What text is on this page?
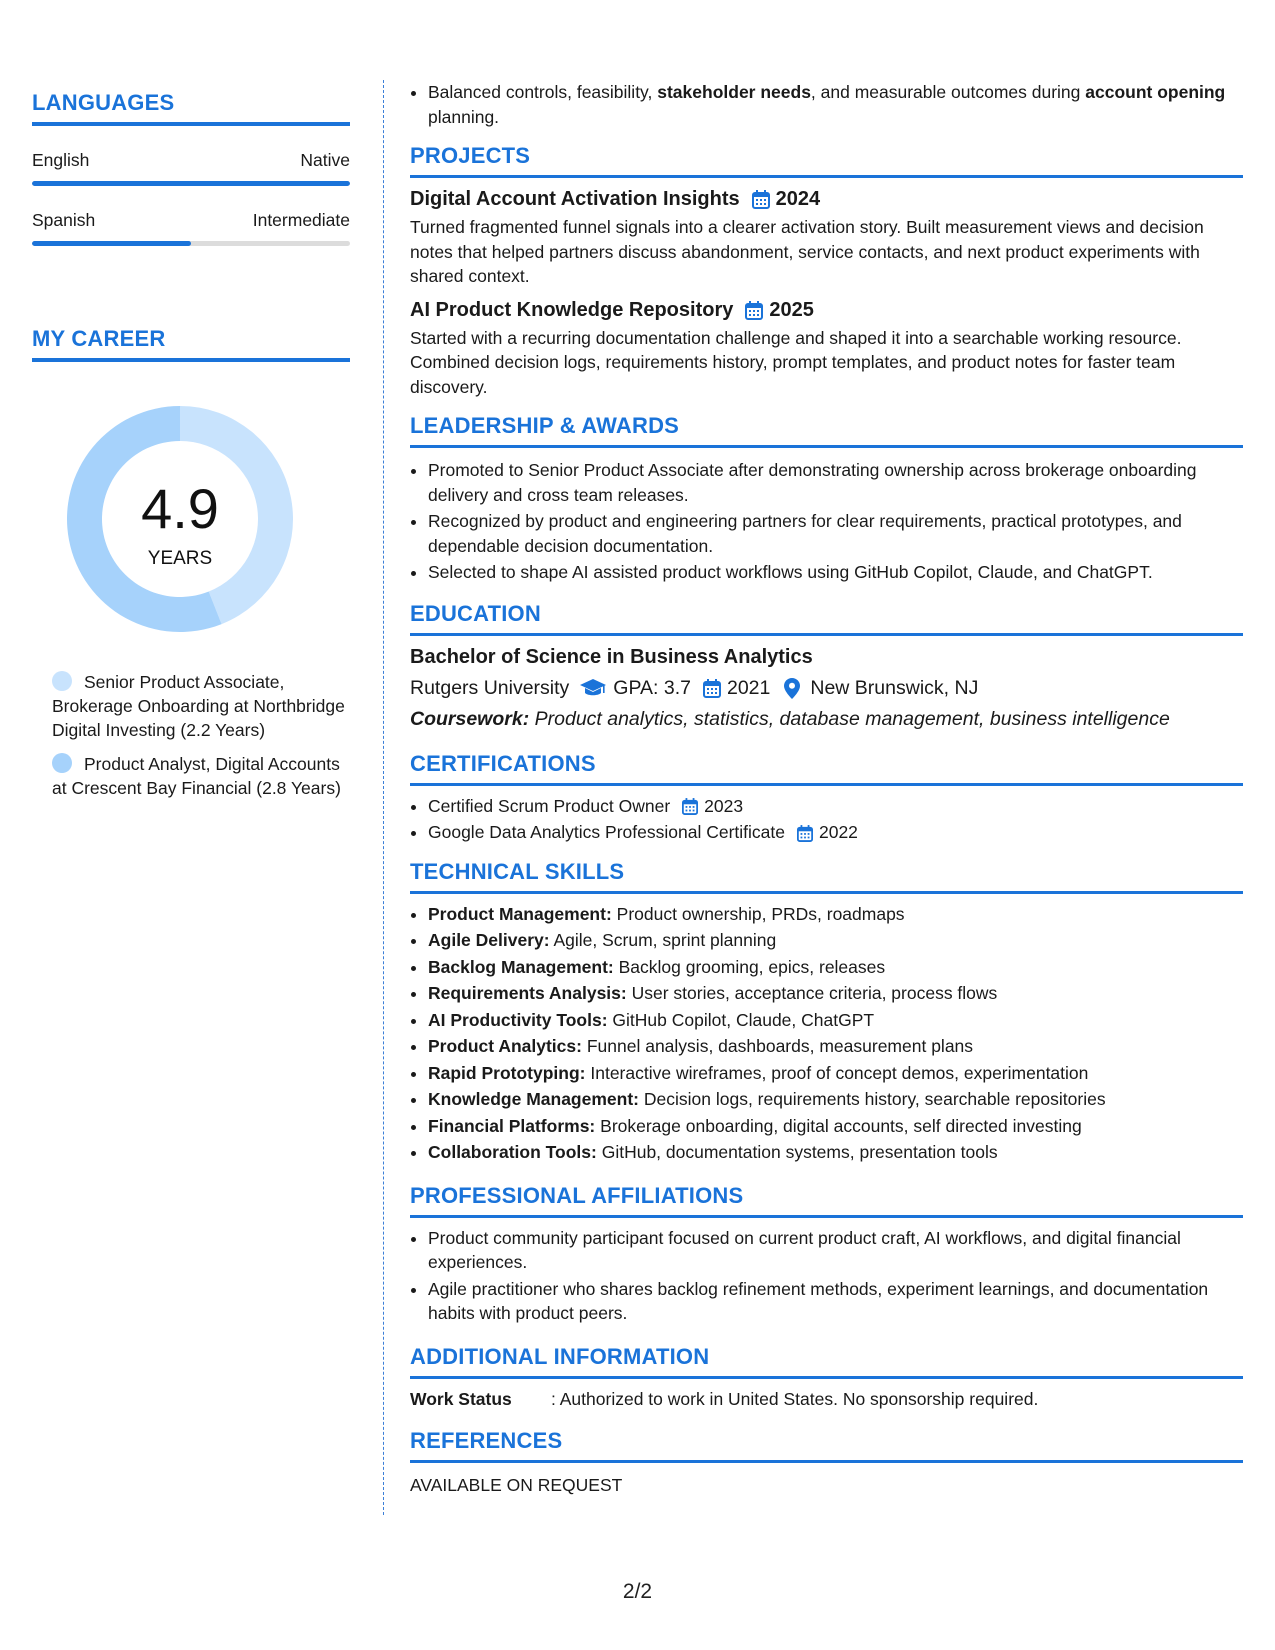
LANGUAGES
English	Native
Spanish	Intermediate
MY CAREER
4.9
YEARS
Senior Product Associate, Brokerage Onboarding at Northbridge Digital Investing (2.2 Years)
Product Analyst, Digital Accounts at Crescent Bay Financial (2.8 Years)
• Balanced controls, feasibility, stakeholder needs, and measurable outcomes during account opening planning.
PROJECTS
Digital Account Activation Insights 2024
Turned fragmented funnel signals into a clearer activation story. Built measurement views and decision notes that helped partners discuss abandonment, service contacts, and next product experiments with shared context.
AI Product Knowledge Repository 2025
Started with a recurring documentation challenge and shaped it into a searchable working resource. Combined decision logs, requirements history, prompt templates, and product notes for faster team discovery.
LEADERSHIP & AWARDS
• Promoted to Senior Product Associate after demonstrating ownership across brokerage onboarding delivery and cross team releases.
• Recognized by product and engineering partners for clear requirements, practical prototypes, and dependable decision documentation.
• Selected to shape AI assisted product workflows using GitHub Copilot, Claude, and ChatGPT.
EDUCATION
Bachelor of Science in Business Analytics
Rutgers University GPA: 3.7 2021 New Brunswick, NJ
Coursework: Product analytics, statistics, database management, business intelligence
CERTIFICATIONS
• Certified Scrum Product Owner 2023
• Google Data Analytics Professional Certificate 2022
TECHNICAL SKILLS
• Product Management: Product ownership, PRDs, roadmaps
• Agile Delivery: Agile, Scrum, sprint planning
• Backlog Management: Backlog grooming, epics, releases
• Requirements Analysis: User stories, acceptance criteria, process flows
• AI Productivity Tools: GitHub Copilot, Claude, ChatGPT
• Product Analytics: Funnel analysis, dashboards, measurement plans
• Rapid Prototyping: Interactive wireframes, proof of concept demos, experimentation
• Knowledge Management: Decision logs, requirements history, searchable repositories
• Financial Platforms: Brokerage onboarding, digital accounts, self directed investing
• Collaboration Tools: GitHub, documentation systems, presentation tools
PROFESSIONAL AFFILIATIONS
• Product community participant focused on current product craft, AI workflows, and digital financial experiences.
• Agile practitioner who shares backlog refinement methods, experiment learnings, and documentation habits with product peers.
ADDITIONAL INFORMATION
Work Status	: Authorized to work in United States. No sponsorship required.
REFERENCES
AVAILABLE ON REQUEST
2/2
